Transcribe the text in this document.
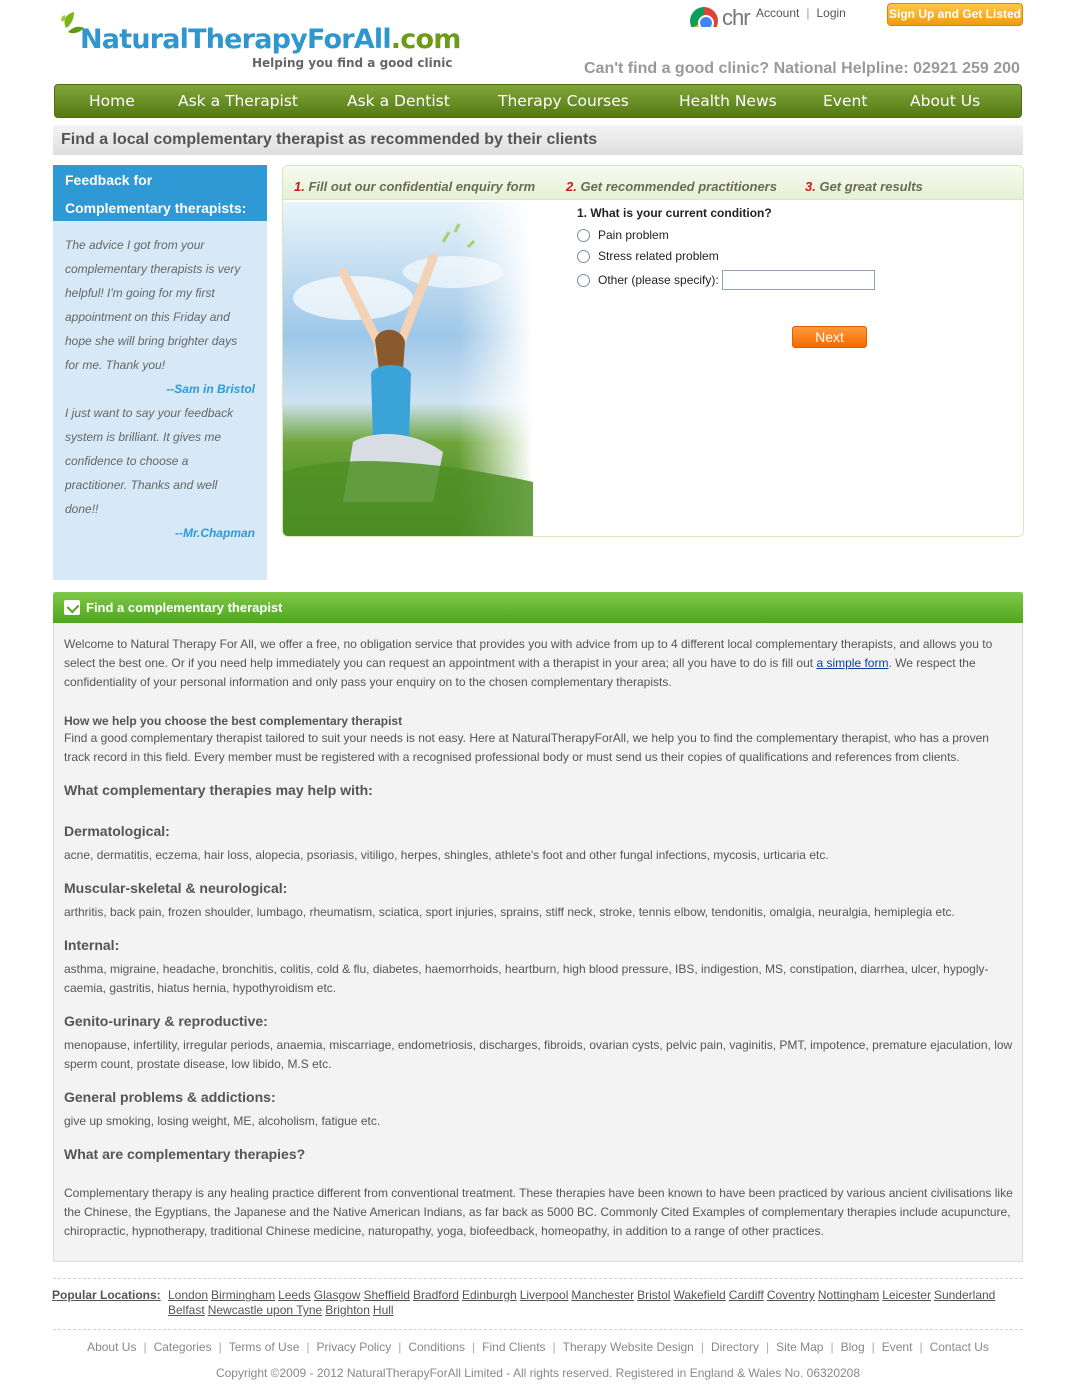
NaturalTherapyForAll.com
Helping you find a good clinic
chr Account | Login	Sign Up and Get Listed
Can't find a good clinic? National Helpline: 02921 259 200
Home	Ask a Therapist	Ask a Dentist	Therapy Courses	Health News	Event	About Us
Find a local complementary therapist as recommended by their clients
Feedback for
Complementary therapists:
The advice I got from your
complementary therapists is very
helpful! I'm going for my first
appointment on this Friday and
hope she will bring brighter days
for me. Thank you!
--Sam in Bristol
I just want to say your feedback
system is brilliant. It gives me
confidence to choose a
practitioner. Thanks and well
done!!
--Mr.Chapman
1. Fill out our confidential enquiry form 2. Get recommended practitioners 3. Get great results
1. What is your current condition?
Pain problem
Stress related problem
Other (please specify):
Next
Find a complementary therapist

Welcome to Natural Therapy For All, we offer a free, no obligation service that provides you with advice from up to 4 different local complementary therapists, and allows you to select the best one. Or if you need help immediately you can request an appointment with a therapist in your area; all you have to do is fill out a simple form. We respect the confidentiality of your personal information and only pass your enquiry on to the chosen complementary therapists.

How we help you choose the best complementary therapist

Find a good complementary therapist tailored to suit your needs is not easy. Here at NaturalTherapyForAll, we help you to find the complementary therapist, who has a proven track record in this field. Every member must be registered with a recognised professional body or must send us their copies of qualifications and references from clients.

What complementary therapies may help with:
Dermatological:

acne, dermatitis, eczema, hair loss, alopecia, psoriasis, vitiligo, herpes, shingles, athlete's foot and other fungal infections, mycosis, urticaria etc.

Muscular-skeletal & neurological:

arthritis, back pain, frozen shoulder, lumbago, rheumatism, sciatica, sport injuries, sprains, stiff neck, stroke, tennis elbow, tendonitis, omalgia, neuralgia, hemiplegia etc.

Internal:

asthma, migraine, headache, bronchitis, colitis, cold & flu, diabetes, haemorrhoids, heartburn, high blood pressure, IBS, indigestion, MS, constipation, diarrhea, ulcer, hypogly-caemia, gastritis, hiatus hernia, hypothyroidism etc.

Genito-urinary & reproductive:

menopause, infertility, irregular periods, anaemia, miscarriage, endometriosis, discharges, fibroids, ovarian cysts, pelvic pain, vaginitis, PMT, impotence, premature ejaculation, low sperm count, prostate disease, low libido, M.S etc.

General problems & addictions:

give up smoking, losing weight, ME, alcoholism, fatigue etc.

What are complementary therapies?

Complementary therapy is any healing practice different from conventional treatment. These therapies have been known to have been practiced by various ancient civilisations like the Chinese, the Egyptians, the Japanese and the Native American Indians, as far back as 5000 BC. Commonly Cited Examples of complementary therapies include acupuncture, chiropractic, hypnotherapy, traditional Chinese medicine, naturopathy, yoga, biofeedback, homeopathy, in addition to a range of other practices.

Popular Locations: London Birmingham Leeds Glasgow Sheffield Bradford Edinburgh Liverpool Manchester Bristol Wakefield Cardiff Coventry Nottingham Leicester Sunderland
Belfast Newcastle upon Tyne Brighton Hull
About Us | Categories | Terms of Use | Privacy Policy | Conditions | Find Clients | Therapy Website Design | Directory | Site Map | Blog | Event | Contact Us
Copyright ©2009 - 2012 NaturalTherapyForAll Limited - All rights reserved. Registered in England & Wales No. 06320208
